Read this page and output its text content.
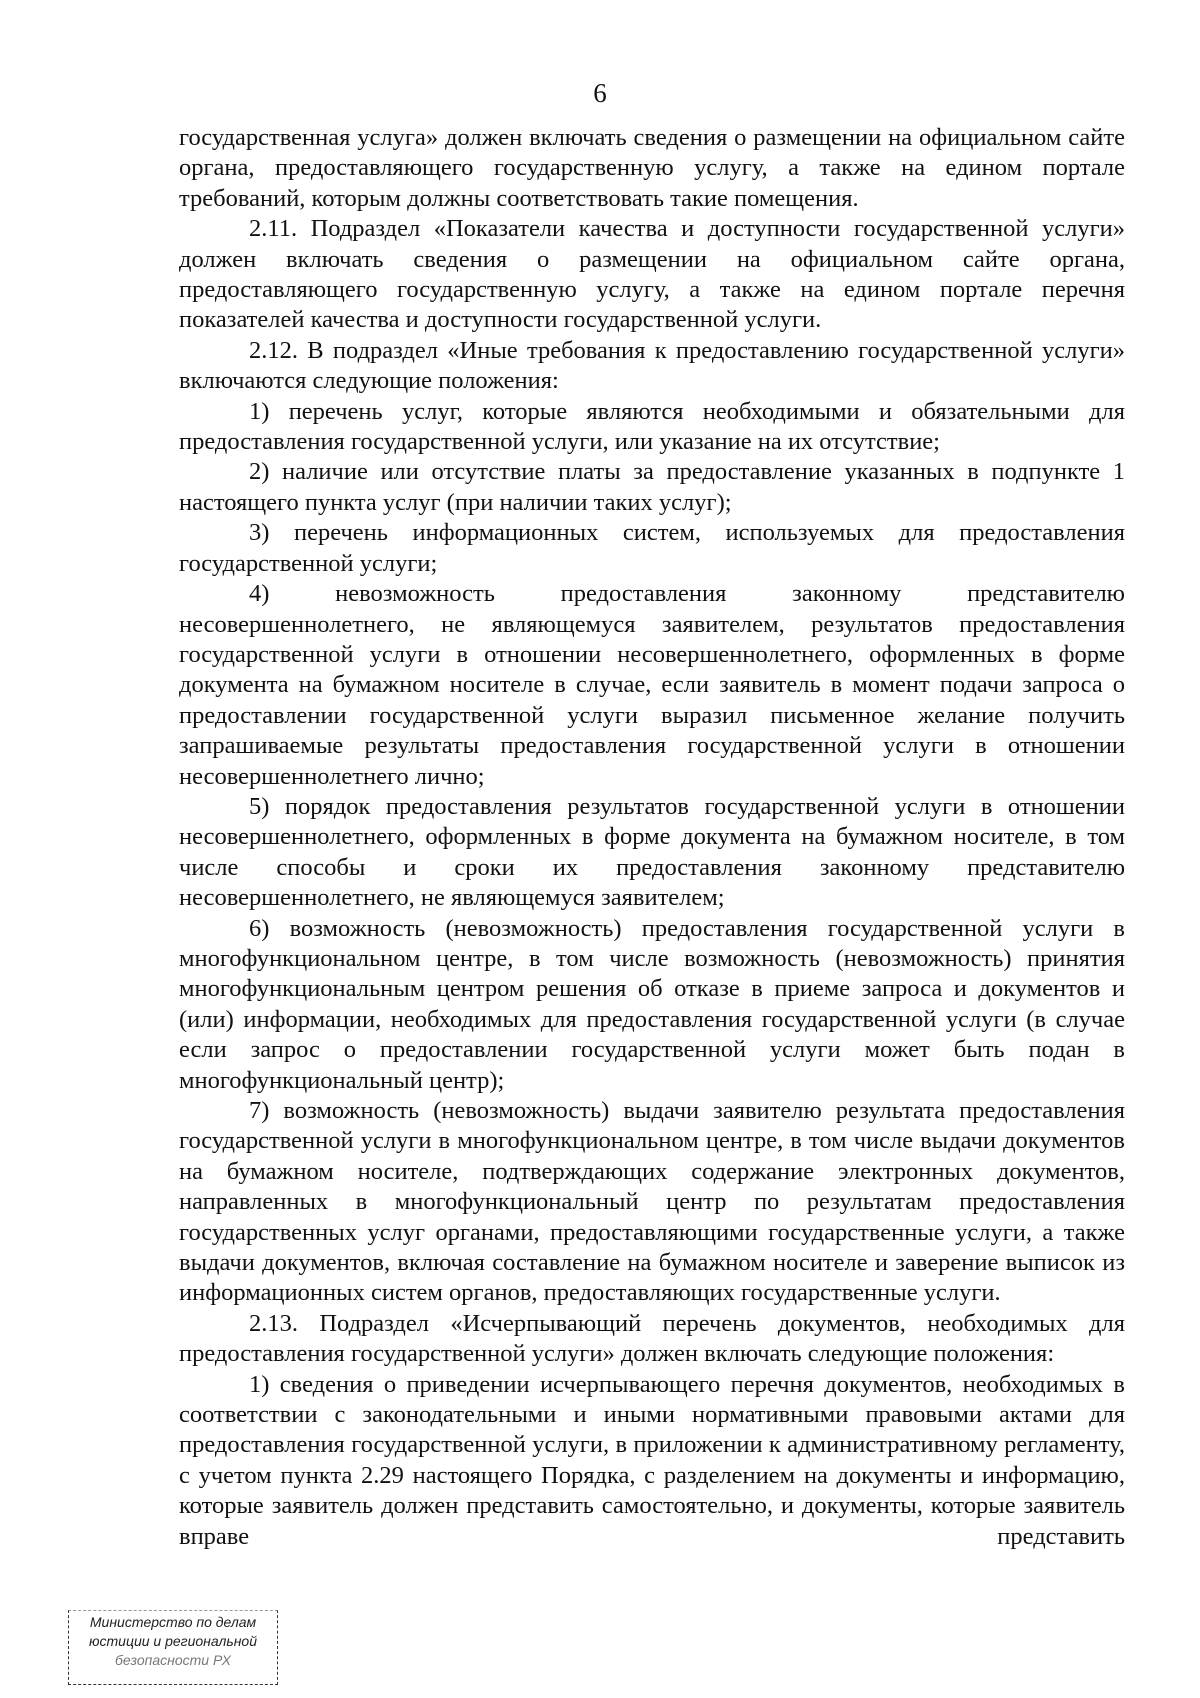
6

государственная услуга» должен включать сведения о размещении на официальном сайте органа, предоставляющего государственную услугу, а также на едином портале требований, которым должны соответствовать такие помещения.

2.11. Подраздел «Показатели качества и доступности государственной услуги» должен включать сведения о размещении на официальном сайте органа, предоставляющего государственную услугу, а также на едином портале перечня показателей качества и доступности государственной услуги.

2.12. В подраздел «Иные требования к предоставлению государственной услуги» включаются следующие положения:

1) перечень услуг, которые являются необходимыми и обязательными для предоставления государственной услуги, или указание на их отсутствие;

2) наличие или отсутствие платы за предоставление указанных в подпункте 1 настоящего пункта услуг (при наличии таких услуг);

3) перечень информационных систем, используемых для предоставления государственной услуги;

4) невозможность предоставления законному представителю несовершеннолетнего, не являющемуся заявителем, результатов предоставления государственной услуги в отношении несовершеннолетнего, оформленных в форме документа на бумажном носителе в случае, если заявитель в момент подачи запроса о предоставлении государственной услуги выразил письменное желание получить запрашиваемые результаты предоставления государственной услуги в отношении несовершеннолетнего лично;

5) порядок предоставления результатов государственной услуги в отношении несовершеннолетнего, оформленных в форме документа на бумажном носителе, в том числе способы и сроки их предоставления законному представителю несовершеннолетнего, не являющемуся заявителем;

6) возможность (невозможность) предоставления государственной услуги в многофункциональном центре, в том числе возможность (невозможность) принятия многофункциональным центром решения об отказе в приеме запроса и документов и (или) информации, необходимых для предоставления государственной услуги (в случае если запрос о предоставлении государственной услуги может быть подан в многофункциональный центр);

7) возможность (невозможность) выдачи заявителю результата предоставления государственной услуги в многофункциональном центре, в том числе выдачи документов на бумажном носителе, подтверждающих содержание электронных документов, направленных в многофункциональный центр по результатам предоставления государственных услуг органами, предоставляющими государственные услуги, а также выдачи документов, включая составление на бумажном носителе и заверение выписок из информационных систем органов, предоставляющих государственные услуги.

2.13. Подраздел «Исчерпывающий перечень документов, необходимых для предоставления государственной услуги» должен включать следующие положения:

1) сведения о приведении исчерпывающего перечня документов, необходимых в соответствии с законодательными и иными нормативными правовыми актами для предоставления государственной услуги, в приложении к административному регламенту, с учетом пункта 2.29 настоящего Порядка, с разделением на документы и информацию, которые заявитель должен представить самостоятельно, и документы, которые заявитель вправе представить

Министерство по делам
юстиции и региональной
безопасности РХ
